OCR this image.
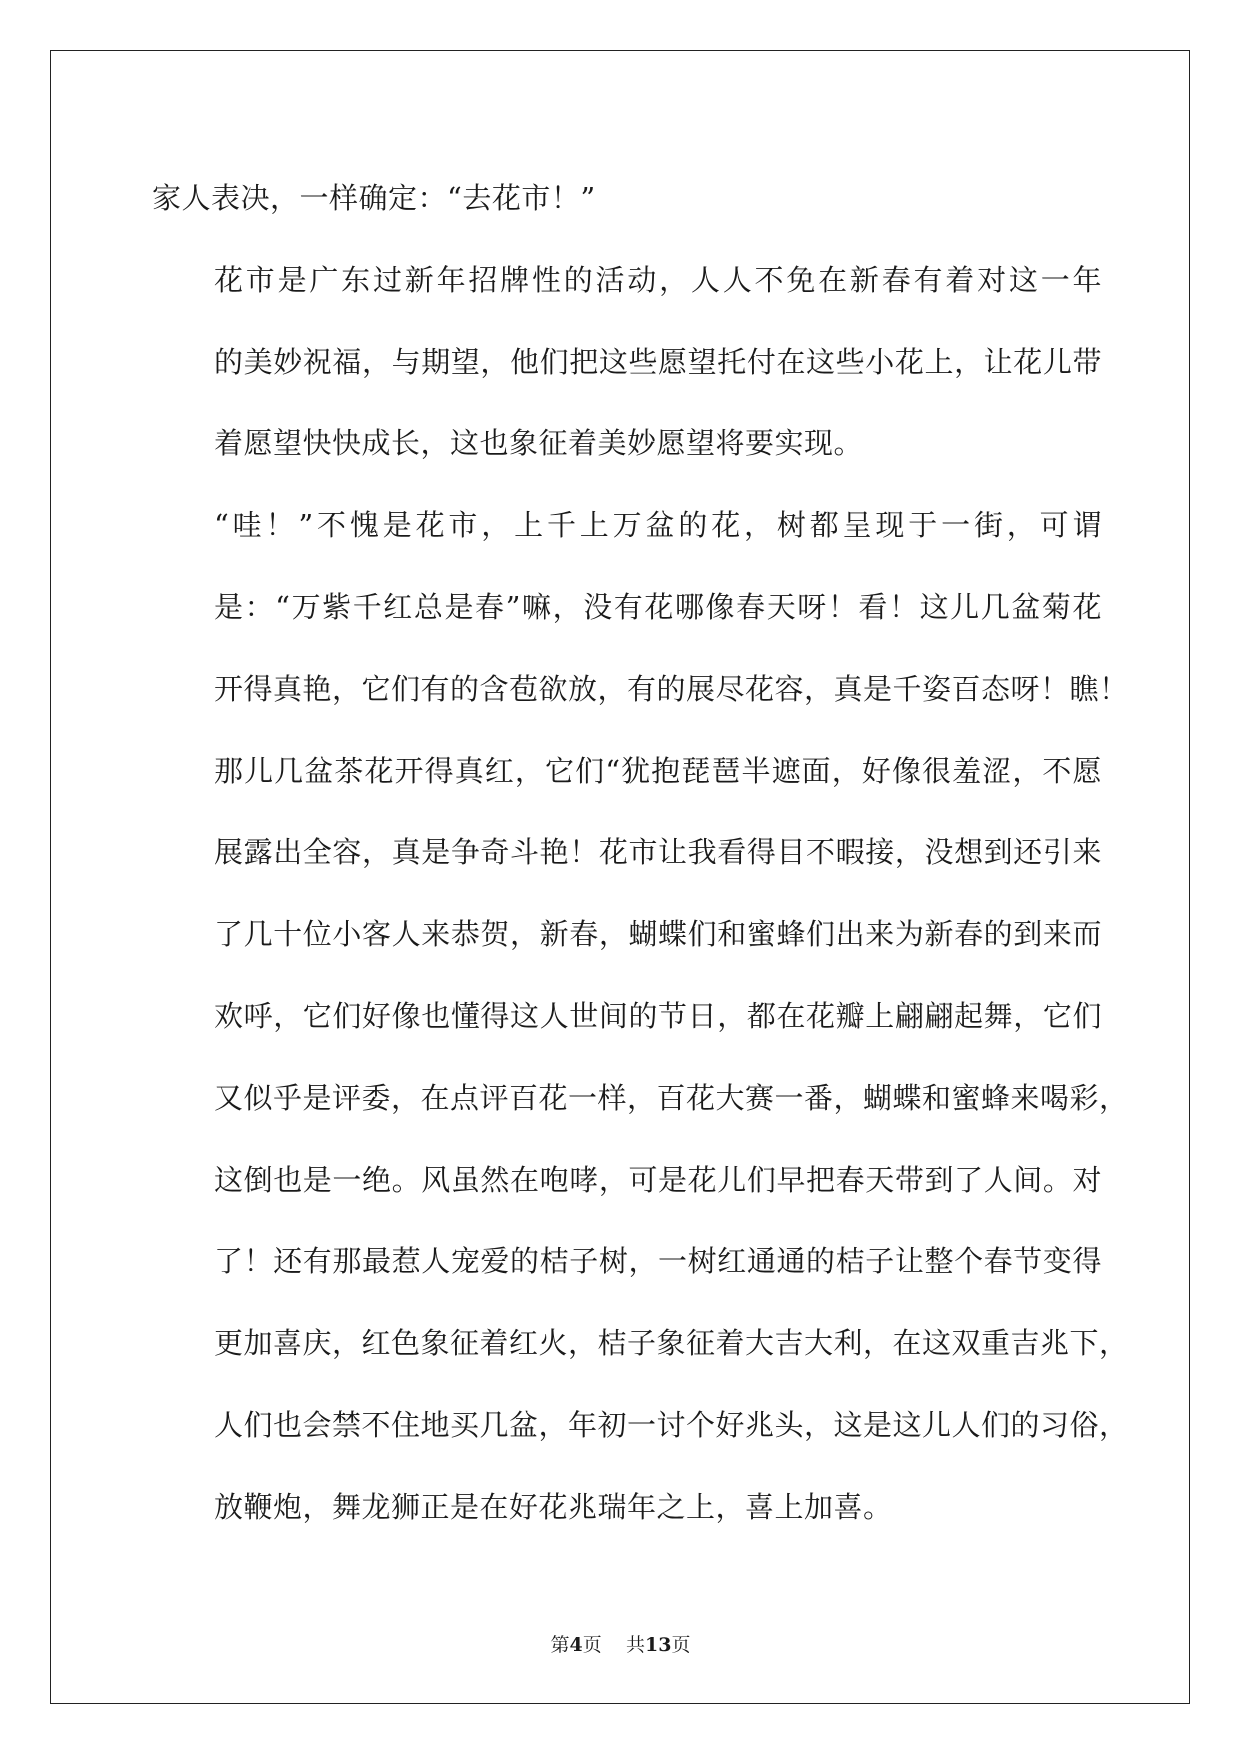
家人表决，一样确定：“去花市！”

花市是广东过新年招牌性的活动，人人不免在新春有着对这一年
的美妙祝福，与期望，他们把这些愿望托付在这些小花上，让花儿带
着愿望快快成长，这也象征着美妙愿望将要实现。

“哇！”不愧是花市，上千上万盆的花，树都呈现于一街，可谓
是：“万紫千红总是春”嘛，没有花哪像春天呀！看！这儿几盆菊花
开得真艳，它们有的含苞欲放，有的展尽花容，真是千姿百态呀！瞧！
那儿几盆茶花开得真红，它们“犹抱琵琶半遮面，好像很羞涩，不愿
展露出全容，真是争奇斗艳！花市让我看得目不暇接，没想到还引来
了几十位小客人来恭贺，新春，蝴蝶们和蜜蜂们出来为新春的到来而
欢呼，它们好像也懂得这人世间的节日，都在花瓣上翩翩起舞，它们
又似乎是评委，在点评百花一样，百花大赛一番，蝴蝶和蜜蜂来喝彩，
这倒也是一绝。风虽然在咆哮，可是花儿们早把春天带到了人间。对
了！还有那最惹人宠爱的桔子树，一树红通通的桔子让整个春节变得
更加喜庆，红色象征着红火，桔子象征着大吉大利，在这双重吉兆下，
人们也会禁不住地买几盆，年初一讨个好兆头，这是这儿人们的习俗，
放鞭炮，舞龙狮正是在好花兆瑞年之上，喜上加喜。

第4页 共13页
